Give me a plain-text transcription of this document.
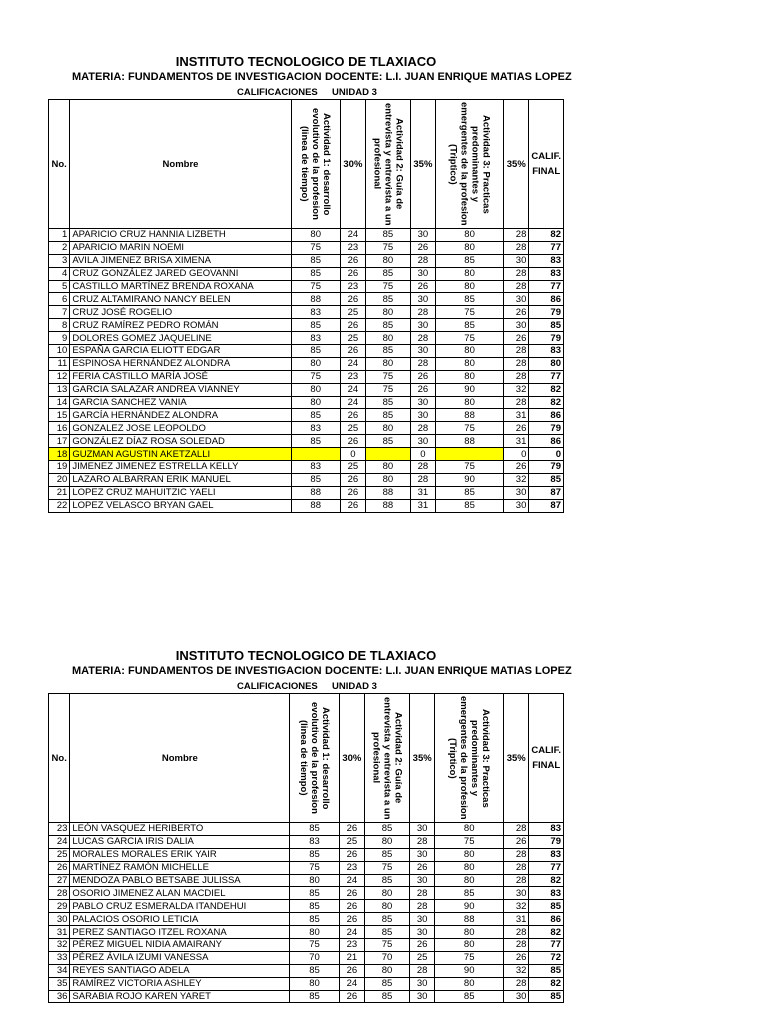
INSTITUTO TECNOLOGICO DE TLAXIACO
MATERIA: FUNDAMENTOS DE INVESTIGACION DOCENTE: L.I. JUAN ENRIQUE MATIAS LOPEZ
CALIFICACIONES UNIDAD 3
No.	Nombre	Actividad 1: desarrollo evolutivo de la profesion (linea de tiempo)	30%	Actividad 2: Guía de entrevista y entrevista a un profesional	35%	Actividad 3: Practicas predominantes y emergentes de la profesion (Triptico)	35%	CALIF. FINAL
1	APARICIO CRUZ HANNIA LIZBETH	80	24	85	30	80	28	82
2	APARICIO MARIN NOEMI	75	23	75	26	80	28	77
3	AVILA JIMENEZ BRISA XIMENA	85	26	80	28	85	30	83
4	CRUZ GONZÁLEZ JARED GEOVANNI	85	26	85	30	80	28	83
5	CASTILLO MARTÍNEZ BRENDA ROXANA	75	23	75	26	80	28	77
6	CRUZ ALTAMIRANO NANCY BELEN	88	26	85	30	85	30	86
7	CRUZ JOSÉ ROGELIO	83	25	80	28	75	26	79
8	CRUZ RAMÍREZ PEDRO ROMÁN	85	26	85	30	85	30	85
9	DOLORES GOMEZ JAQUELINE	83	25	80	28	75	26	79
10	ESPAÑA GARCIA ELIOTT EDGAR	85	26	85	30	80	28	83
11	ESPINOSA HERNÁNDEZ ALONDRA	80	24	80	28	80	28	80
12	FERIA CASTILLO MARÍA JOSÉ	75	23	75	26	80	28	77
13	GARCIA SALAZAR ANDREA VIANNEY	80	24	75	26	90	32	82
14	GARCIA SANCHEZ VANIA	80	24	85	30	80	28	82
15	GARCÍA HERNÁNDEZ ALONDRA	85	26	85	30	88	31	86
16	GONZALEZ JOSE LEOPOLDO	83	25	80	28	75	26	79
17	GONZÁLEZ DÍAZ ROSA SOLEDAD	85	26	85	30	88	31	86
18	GUZMAN AGUSTIN AKETZALLI		0		0		0	0
19	JIMENEZ JIMENEZ ESTRELLA KELLY	83	25	80	28	75	26	79
20	LAZARO ALBARRAN ERIK MANUEL	85	26	80	28	90	32	85
21	LOPEZ CRUZ MAHUITZIC YAELI	88	26	88	31	85	30	87
22	LOPEZ VELASCO BRYAN GAEL	88	26	88	31	85	30	87
INSTITUTO TECNOLOGICO DE TLAXIACO
MATERIA: FUNDAMENTOS DE INVESTIGACION DOCENTE: L.I. JUAN ENRIQUE MATIAS LOPEZ
CALIFICACIONES UNIDAD 3
No.	Nombre	Actividad 1: desarrollo evolutivo de la profesion (linea de tiempo)	30%	Actividad 2: Guía de entrevista y entrevista a un profesional	35%	Actividad 3: Practicas predominantes y emergentes de la profesion (Triptico)	35%	CALIF. FINAL
23	LEÓN VASQUEZ HERIBERTO	85	26	85	30	80	28	83
24	LUCAS GARCIA IRIS DALIA	83	25	80	28	75	26	79
25	MORALES MORALES ERIK YAIR	85	26	85	30	80	28	83
26	MARTÍNEZ RAMÓN MICHELLE	75	23	75	26	80	28	77
27	MENDOZA PABLO BETSABE JULISSA	80	24	85	30	80	28	82
28	OSORIO JIMENEZ ALAN MACDIEL	85	26	80	28	85	30	83
29	PABLO CRUZ ESMERALDA ITANDEHUI	85	26	80	28	90	32	85
30	PALACIOS OSORIO LETICIA	85	26	85	30	88	31	86
31	PEREZ SANTIAGO ITZEL ROXANA	80	24	85	30	80	28	82
32	PÉREZ MIGUEL NIDIA AMAIRANY	75	23	75	26	80	28	77
33	PÉREZ ÁVILA IZUMI VANESSA	70	21	70	25	75	26	72
34	REYES SANTIAGO ADELA	85	26	80	28	90	32	85
35	RAMÍREZ VICTORIA ASHLEY	80	24	85	30	80	28	82
36	SARABIA ROJO KAREN YARET	85	26	85	30	85	30	85
